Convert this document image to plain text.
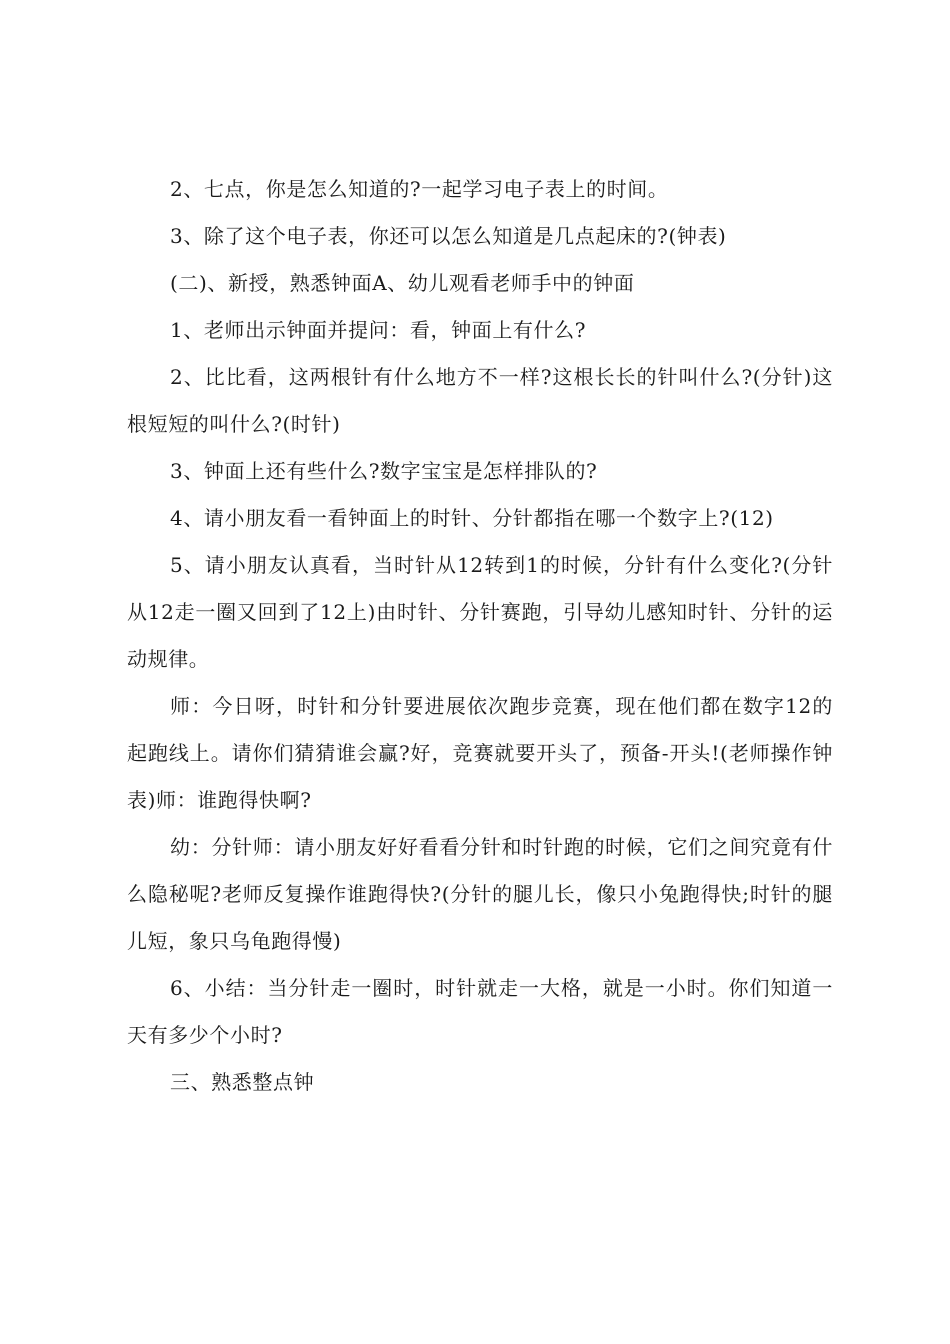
2、七点，你是怎么知道的?一起学习电子表上的时间。

3、除了这个电子表，你还可以怎么知道是几点起床的?(钟表)

(二)、新授，熟悉钟面A、幼儿观看老师手中的钟面

1、老师出示钟面并提问：看，钟面上有什么?

2、比比看，这两根针有什么地方不一样?这根长长的针叫什么?(分针)这根短短的叫什么?(时针)

3、钟面上还有些什么?数字宝宝是怎样排队的?

4、请小朋友看一看钟面上的时针、分针都指在哪一个数字上?(12)

5、请小朋友认真看，当时针从12转到1的时候，分针有什么变化?(分针从12走一圈又回到了12上)由时针、分针赛跑，引导幼儿感知时针、分针的运动规律。

师：今日呀，时针和分针要进展依次跑步竞赛，现在他们都在数字12的起跑线上。请你们猜猜谁会赢?好，竞赛就要开头了，预备-开头!(老师操作钟表)师：谁跑得快啊?

幼：分针师：请小朋友好好看看分针和时针跑的时候，它们之间究竟有什么隐秘呢?老师反复操作谁跑得快?(分针的腿儿长，像只小兔跑得快;时针的腿儿短，象只乌龟跑得慢)

6、小结：当分针走一圈时，时针就走一大格，就是一小时。你们知道一天有多少个小时?

三、熟悉整点钟
